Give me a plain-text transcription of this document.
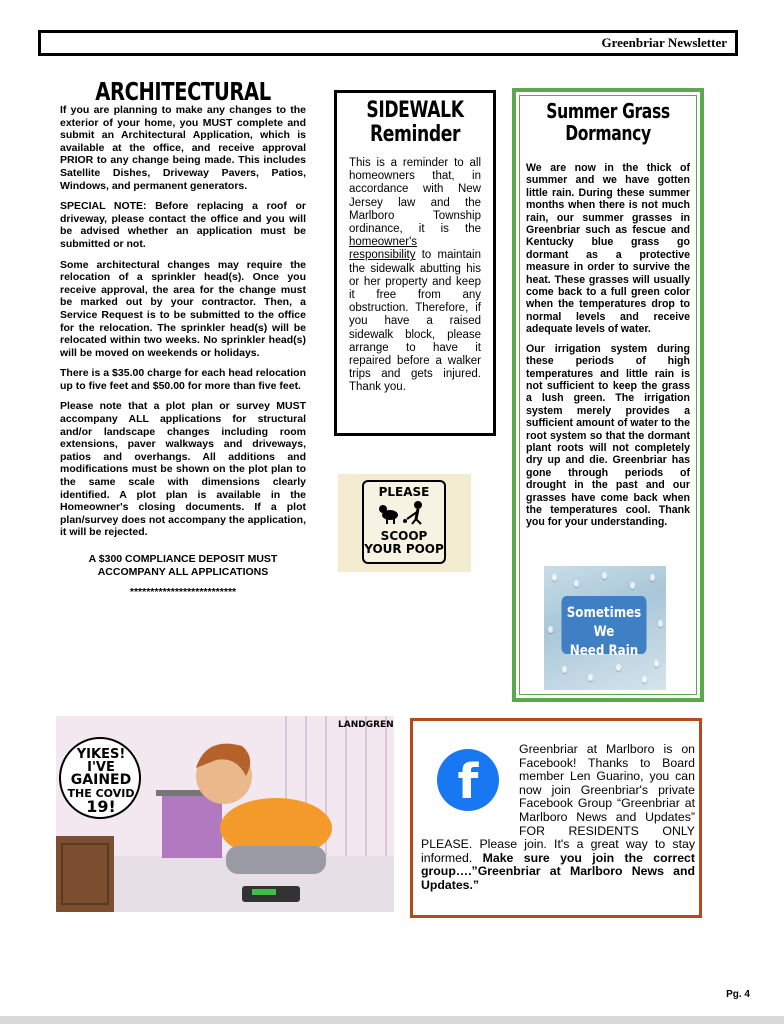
Greenbriar Newsletter
ARCHITECTURAL

If you are planning to make any changes to the exterior of your home, you MUST complete and submit an Architectural Application, which is available at the office, and receive approval PRIOR to any change being made. This includes Satellite Dishes, Driveway Pavers, Patios, Windows, and permanent generators.

SPECIAL NOTE: Before replacing a roof or driveway, please contact the office and you will be advised whether an application must be submitted or not.

Some architectural changes may require the relocation of a sprinkler head(s). Once you receive approval, the area for the change must be marked out by your contractor. Then, a Service Request is to be submitted to the office for the relocation. The sprinkler head(s) will be relocated within two weeks. No sprinkler head(s) will be moved on weekends or holidays.

There is a $35.00 charge for each head relocation up to five feet and $50.00 for more than five feet.

Please note that a plot plan or survey MUST accompany ALL applications for structural and/or landscape changes including room extensions, paver walkways and driveways, patios and overhangs. All additions and modifications must be shown on the plot plan to the same scale with dimensions clearly identified. A plot plan is available in the Homeowner's closing documents. If a plot plan/survey does not accompany the application, it will be rejected.

A $300 COMPLIANCE DEPOSIT MUST ACCOMPANY ALL APPLICATIONS

**************************

SIDEWALK
Reminder

This is a reminder to all homeowners that, in accordance with New Jersey law and the Marlboro Township ordinance, it is the homeowner's responsibility to maintain the sidewalk abutting his or her property and keep it free from any obstruction. Therefore, if you have a raised sidewalk block, please arrange to have it repaired before a walker trips and gets injured. Thank you.

PLEASE
SCOOP
YOUR POOP
Summer Grass
Dormancy

We are now in the thick of summer and we have gotten little rain. During these summer months when there is not much rain, our summer grasses in Greenbriar such as fescue and Kentucky blue grass go dormant as a protective measure in order to survive the heat. These grasses will usually come back to a full green color when the temperatures drop to normal levels and receive adequate levels of water.

Our irrigation system during these periods of high temperatures and little rain is not sufficient to keep the grass a lush green. The irrigation system merely provides a sufficient amount of water to the root system so that the dormant plant roots will not completely dry up and die. Greenbriar has gone through periods of drought in the past and our grasses have come back when the temperatures cool. Thank you for your understanding.

Sometimes We
Need Rain
YIKES!
I'VE
GAINED
THE COVID
19!
LANDGREN
f
Greenbriar at Marlboro is on Facebook! Thanks to Board member Len Guarino, you can now join Greenbriar's private Facebook Group “Greenbriar at Marlboro News and Updates” FOR RESIDENTS ONLY PLEASE. Please join. It's a great way to stay informed. Make sure you join the correct group….”Greenbriar at Marlboro News and Updates.”
Pg. 4
